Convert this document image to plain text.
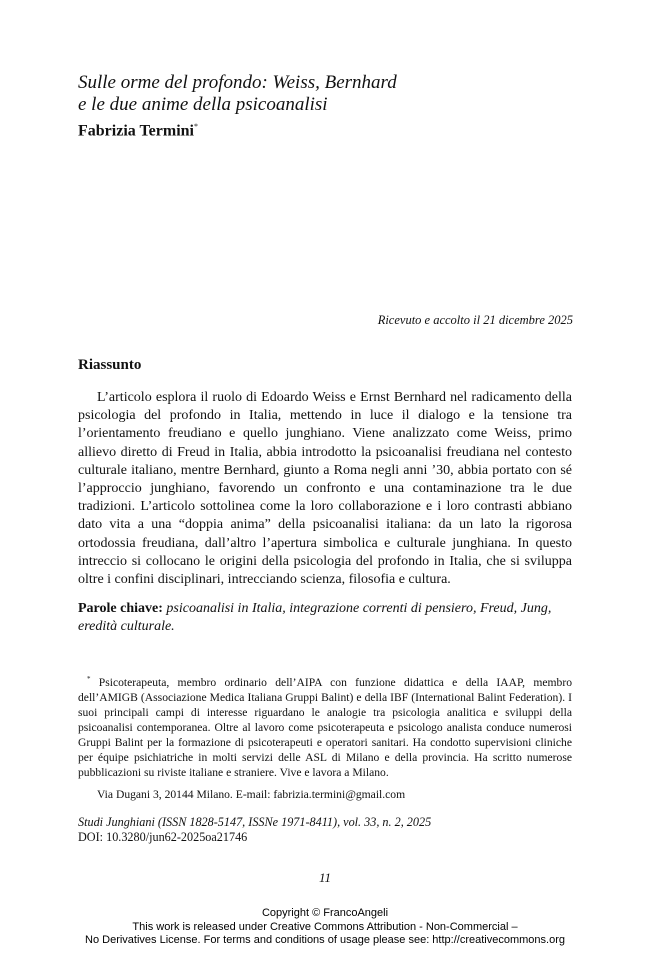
Sulle orme del profondo: Weiss, Bernhard
e le due anime della psicoanalisi
Fabrizia Termini*
Ricevuto e accolto il 21 dicembre 2025
Riassunto

L’articolo esplora il ruolo di Edoardo Weiss e Ernst Bernhard nel radicamento della psicologia del profondo in Italia, mettendo in luce il dialogo e la tensione tra l’orientamento freudiano e quello junghiano. Viene analizzato come Weiss, primo allievo diretto di Freud in Italia, abbia introdotto la psicoanalisi freudiana nel contesto culturale italiano, mentre Bernhard, giunto a Roma negli anni ’30, abbia portato con sé l’approccio junghiano, favorendo un confronto e una contaminazione tra le due tradizioni. L’articolo sottolinea come la loro collaborazione e i loro contrasti abbiano dato vita a una “doppia anima” della psicoanalisi italiana: da un lato la rigorosa ortodossia freudiana, dall’altro l’apertura simbolica e culturale junghiana. In questo intreccio si collocano le origini della psicologia del profondo in Italia, che si sviluppa oltre i confini disciplinari, intrecciando scienza, filosofia e cultura.

Parole chiave: psicoanalisi in Italia, integrazione correnti di pensiero, Freud, Jung, eredità culturale.

* Psicoterapeuta, membro ordinario dell’AIPA con funzione didattica e della IAAP, membro dell’AMIGB (Associazione Medica Italiana Gruppi Balint) e della IBF (International Balint Federation). I suoi principali campi di interesse riguardano le analogie tra psicologia analitica e sviluppi della psicoanalisi contemporanea. Oltre al lavoro come psicoterapeuta e psicologo analista conduce numerosi Gruppi Balint per la formazione di psicoterapeuti e operatori sanitari. Ha condotto supervisioni cliniche per équipe psichiatriche in molti servizi delle ASL di Milano e della provincia. Ha scritto numerose pubblicazioni su riviste italiane e straniere. Vive e lavora a Milano.

Via Dugani 3, 20144 Milano. E-mail: fabrizia.termini@gmail.com

Studi Junghiani (ISSN 1828-5147, ISSNe 1971-8411), vol. 33, n. 2, 2025
DOI: 10.3280/jun62-2025oa21746

11
Copyright © FrancoAngeli
This work is released under Creative Commons Attribution - Non-Commercial –
No Derivatives License. For terms and conditions of usage please see: http://creativecommons.org
